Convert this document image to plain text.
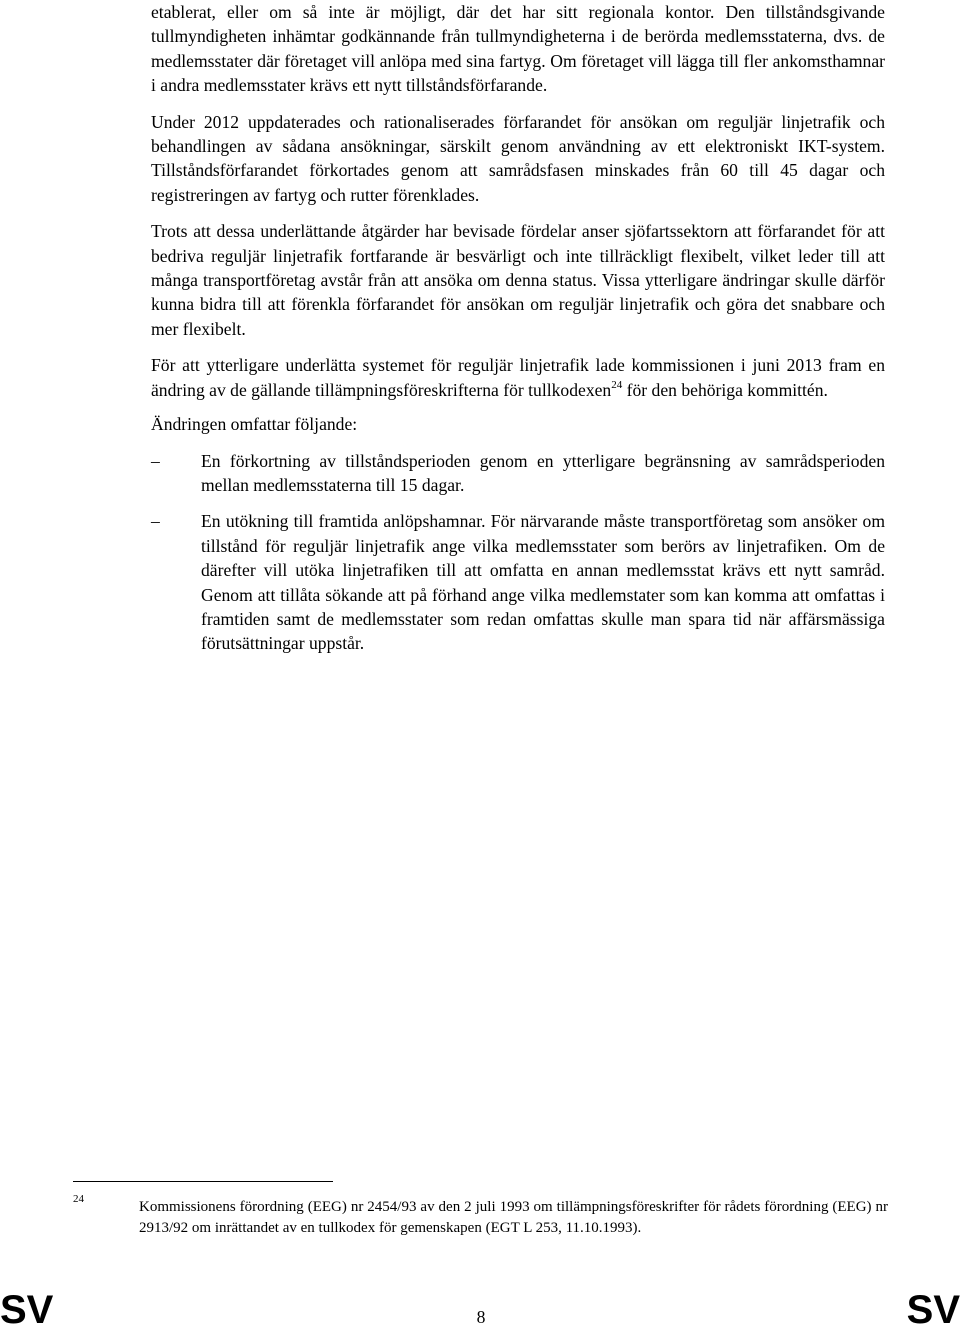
etablerat, eller om så inte är möjligt, där det har sitt regionala kontor. Den tillståndsgivande tullmyndigheten inhämtar godkännande från tullmyndigheterna i de berörda medlemsstaterna, dvs. de medlemsstater där företaget vill anlöpa med sina fartyg. Om företaget vill lägga till fler ankomsthamnar i andra medlemsstater krävs ett nytt tillståndsförfarande.

Under 2012 uppdaterades och rationaliserades förfarandet för ansökan om reguljär linjetrafik och behandlingen av sådana ansökningar, särskilt genom användning av ett elektroniskt IKT-system. Tillståndsförfarandet förkortades genom att samrådsfasen minskades från 60 till 45 dagar och registreringen av fartyg och rutter förenklades.

Trots att dessa underlättande åtgärder har bevisade fördelar anser sjöfartssektorn att förfarandet för att bedriva reguljär linjetrafik fortfarande är besvärligt och inte tillräckligt flexibelt, vilket leder till att många transportföretag avstår från att ansöka om denna status. Vissa ytterligare ändringar skulle därför kunna bidra till att förenkla förfarandet för ansökan om reguljär linjetrafik och göra det snabbare och mer flexibelt.

För att ytterligare underlätta systemet för reguljär linjetrafik lade kommissionen i juni 2013 fram en ändring av de gällande tillämpningsföreskrifterna för tullkodexen$^{24}$ för den behöriga kommittén.

Ändringen omfattar följande:

– En förkortning av tillståndsperioden genom en ytterligare begränsning av samrådsperioden mellan medlemsstaterna till 15 dagar.
– En utökning till framtida anlöpshamnar. För närvarande måste transportföretag som ansöker om tillstånd för reguljär linjetrafik ange vilka medlemsstater som berörs av linjetrafiken. Om de därefter vill utöka linjetrafiken till att omfatta en annan medlemsstat krävs ett nytt samråd. Genom att tillåta sökande att på förhand ange vilka medlemstater som kan komma att omfattas i framtiden samt de medlemsstater som redan omfattas skulle man spara tid när affärsmässiga förutsättningar uppstår.
24	Kommissionens förordning (EEG) nr 2454/93 av den 2 juli 1993 om tillämpningsföreskrifter för rådets förordning (EEG) nr 2913/92 om inrättandet av en tullkodex för gemenskapen (EGT L 253, 11.10.1993).
SV	8	SV
